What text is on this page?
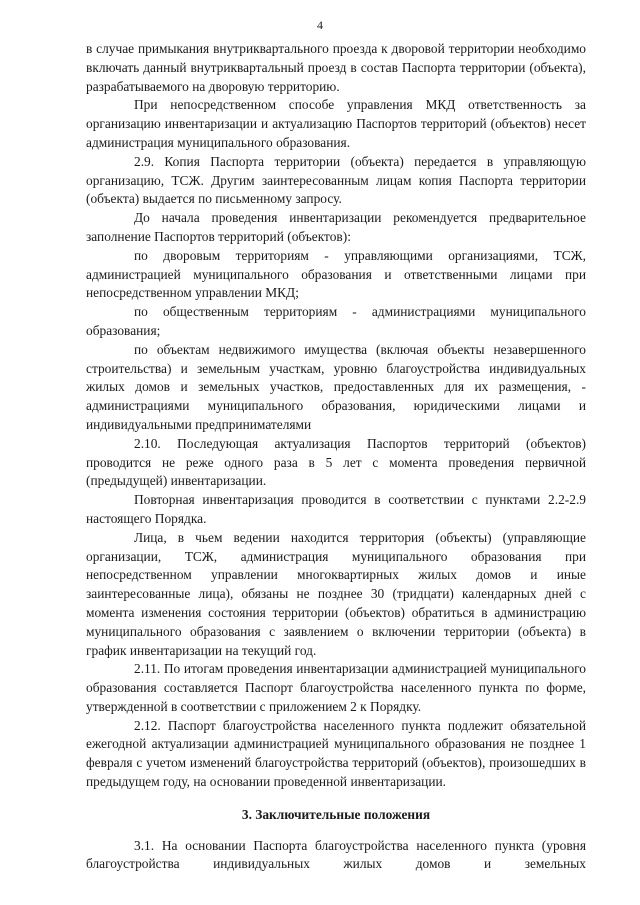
4

в случае примыкания внутриквартального проезда к дворовой территории необходимо включать данный внутриквартальный проезд в состав Паспорта территории (объекта), разрабатываемого на дворовую территорию.

При непосредственном способе управления МКД ответственность за организацию инвентаризации и актуализацию Паспортов территорий (объектов) несет администрация муниципального образования.

2.9. Копия Паспорта территории (объекта) передается в управляющую организацию, ТСЖ. Другим заинтересованным лицам копия Паспорта территории (объекта) выдается по письменному запросу.

До начала проведения инвентаризации рекомендуется предварительное заполнение Паспортов территорий (объектов):

по дворовым территориям - управляющими организациями, ТСЖ, администрацией муниципального образования и ответственными лицами при непосредственном управлении МКД;

по общественным территориям - администрациями муниципального образования;

по объектам недвижимого имущества (включая объекты незавершенного строительства) и земельным участкам, уровню благоустройства индивидуальных жилых домов и земельных участков, предоставленных для их размещения, - администрациями муниципального образования, юридическими лицами и индивидуальными предпринимателями

2.10. Последующая актуализация Паспортов территорий (объектов) проводится не реже одного раза в 5 лет с момента проведения первичной (предыдущей) инвентаризации.

Повторная инвентаризация проводится в соответствии с пунктами 2.2-2.9 настоящего Порядка.

Лица, в чьем ведении находится территория (объекты) (управляющие организации, ТСЖ, администрация муниципального образования при непосредственном управлении многоквартирных жилых домов и иные заинтересованные лица), обязаны не позднее 30 (тридцати) календарных дней с момента изменения состояния территории (объектов) обратиться в администрацию муниципального образования с заявлением о включении территории (объекта) в график инвентаризации на текущий год.

2.11. По итогам проведения инвентаризации администрацией муниципального образования составляется Паспорт благоустройства населенного пункта по форме, утвержденной в соответствии с приложением 2 к Порядку.

2.12. Паспорт благоустройства населенного пункта подлежит обязательной ежегодной актуализации администрацией муниципального образования не позднее 1 февраля с учетом изменений благоустройства территорий (объектов), произошедших в предыдущем году, на основании проведенной инвентаризации.

3. Заключительные положения

3.1. На основании Паспорта благоустройства населенного пункта (уровня благоустройства индивидуальных жилых домов и земельных
